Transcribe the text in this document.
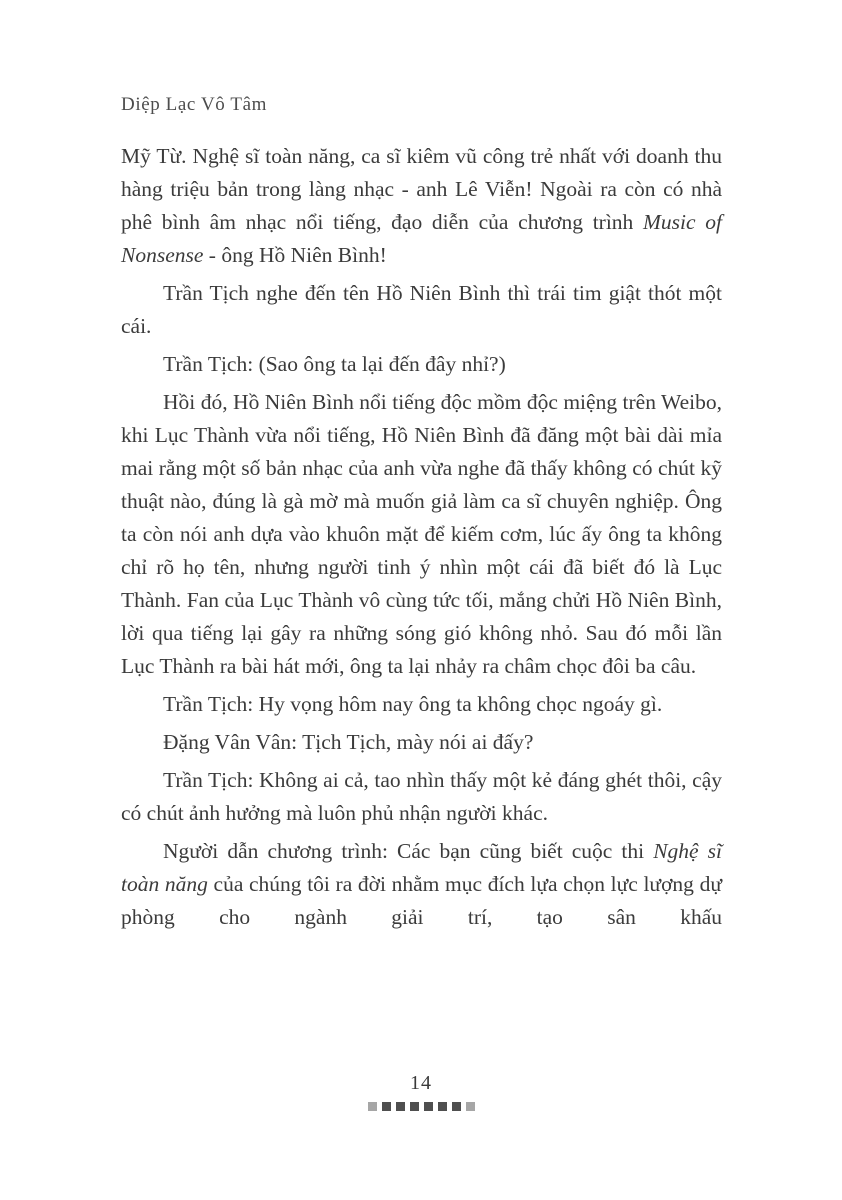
Diệp Lạc Vô Tâm

Mỹ Từ. Nghệ sĩ toàn năng, ca sĩ kiêm vũ công trẻ nhất với doanh thu hàng triệu bản trong làng nhạc - anh Lê Viễn! Ngoài ra còn có nhà phê bình âm nhạc nổi tiếng, đạo diễn của chương trình Music of Nonsense - ông Hồ Niên Bình!

Trần Tịch nghe đến tên Hồ Niên Bình thì trái tim giật thót một cái.

Trần Tịch: (Sao ông ta lại đến đây nhỉ?)

Hồi đó, Hồ Niên Bình nổi tiếng độc mồm độc miệng trên Weibo, khi Lục Thành vừa nổi tiếng, Hồ Niên Bình đã đăng một bài dài mỉa mai rằng một số bản nhạc của anh vừa nghe đã thấy không có chút kỹ thuật nào, đúng là gà mờ mà muốn giả làm ca sĩ chuyên nghiệp. Ông ta còn nói anh dựa vào khuôn mặt để kiếm cơm, lúc ấy ông ta không chỉ rõ họ tên, nhưng người tinh ý nhìn một cái đã biết đó là Lục Thành. Fan của Lục Thành vô cùng tức tối, mắng chửi Hồ Niên Bình, lời qua tiếng lại gây ra những sóng gió không nhỏ. Sau đó mỗi lần Lục Thành ra bài hát mới, ông ta lại nhảy ra châm chọc đôi ba câu.

Trần Tịch: Hy vọng hôm nay ông ta không chọc ngoáy gì.

Đặng Vân Vân: Tịch Tịch, mày nói ai đấy?

Trần Tịch: Không ai cả, tao nhìn thấy một kẻ đáng ghét thôi, cậy có chút ảnh hưởng mà luôn phủ nhận người khác.

Người dẫn chương trình: Các bạn cũng biết cuộc thi Nghệ sĩ toàn năng của chúng tôi ra đời nhằm mục đích lựa chọn lực lượng dự phòng cho ngành giải trí, tạo sân khấu

14
